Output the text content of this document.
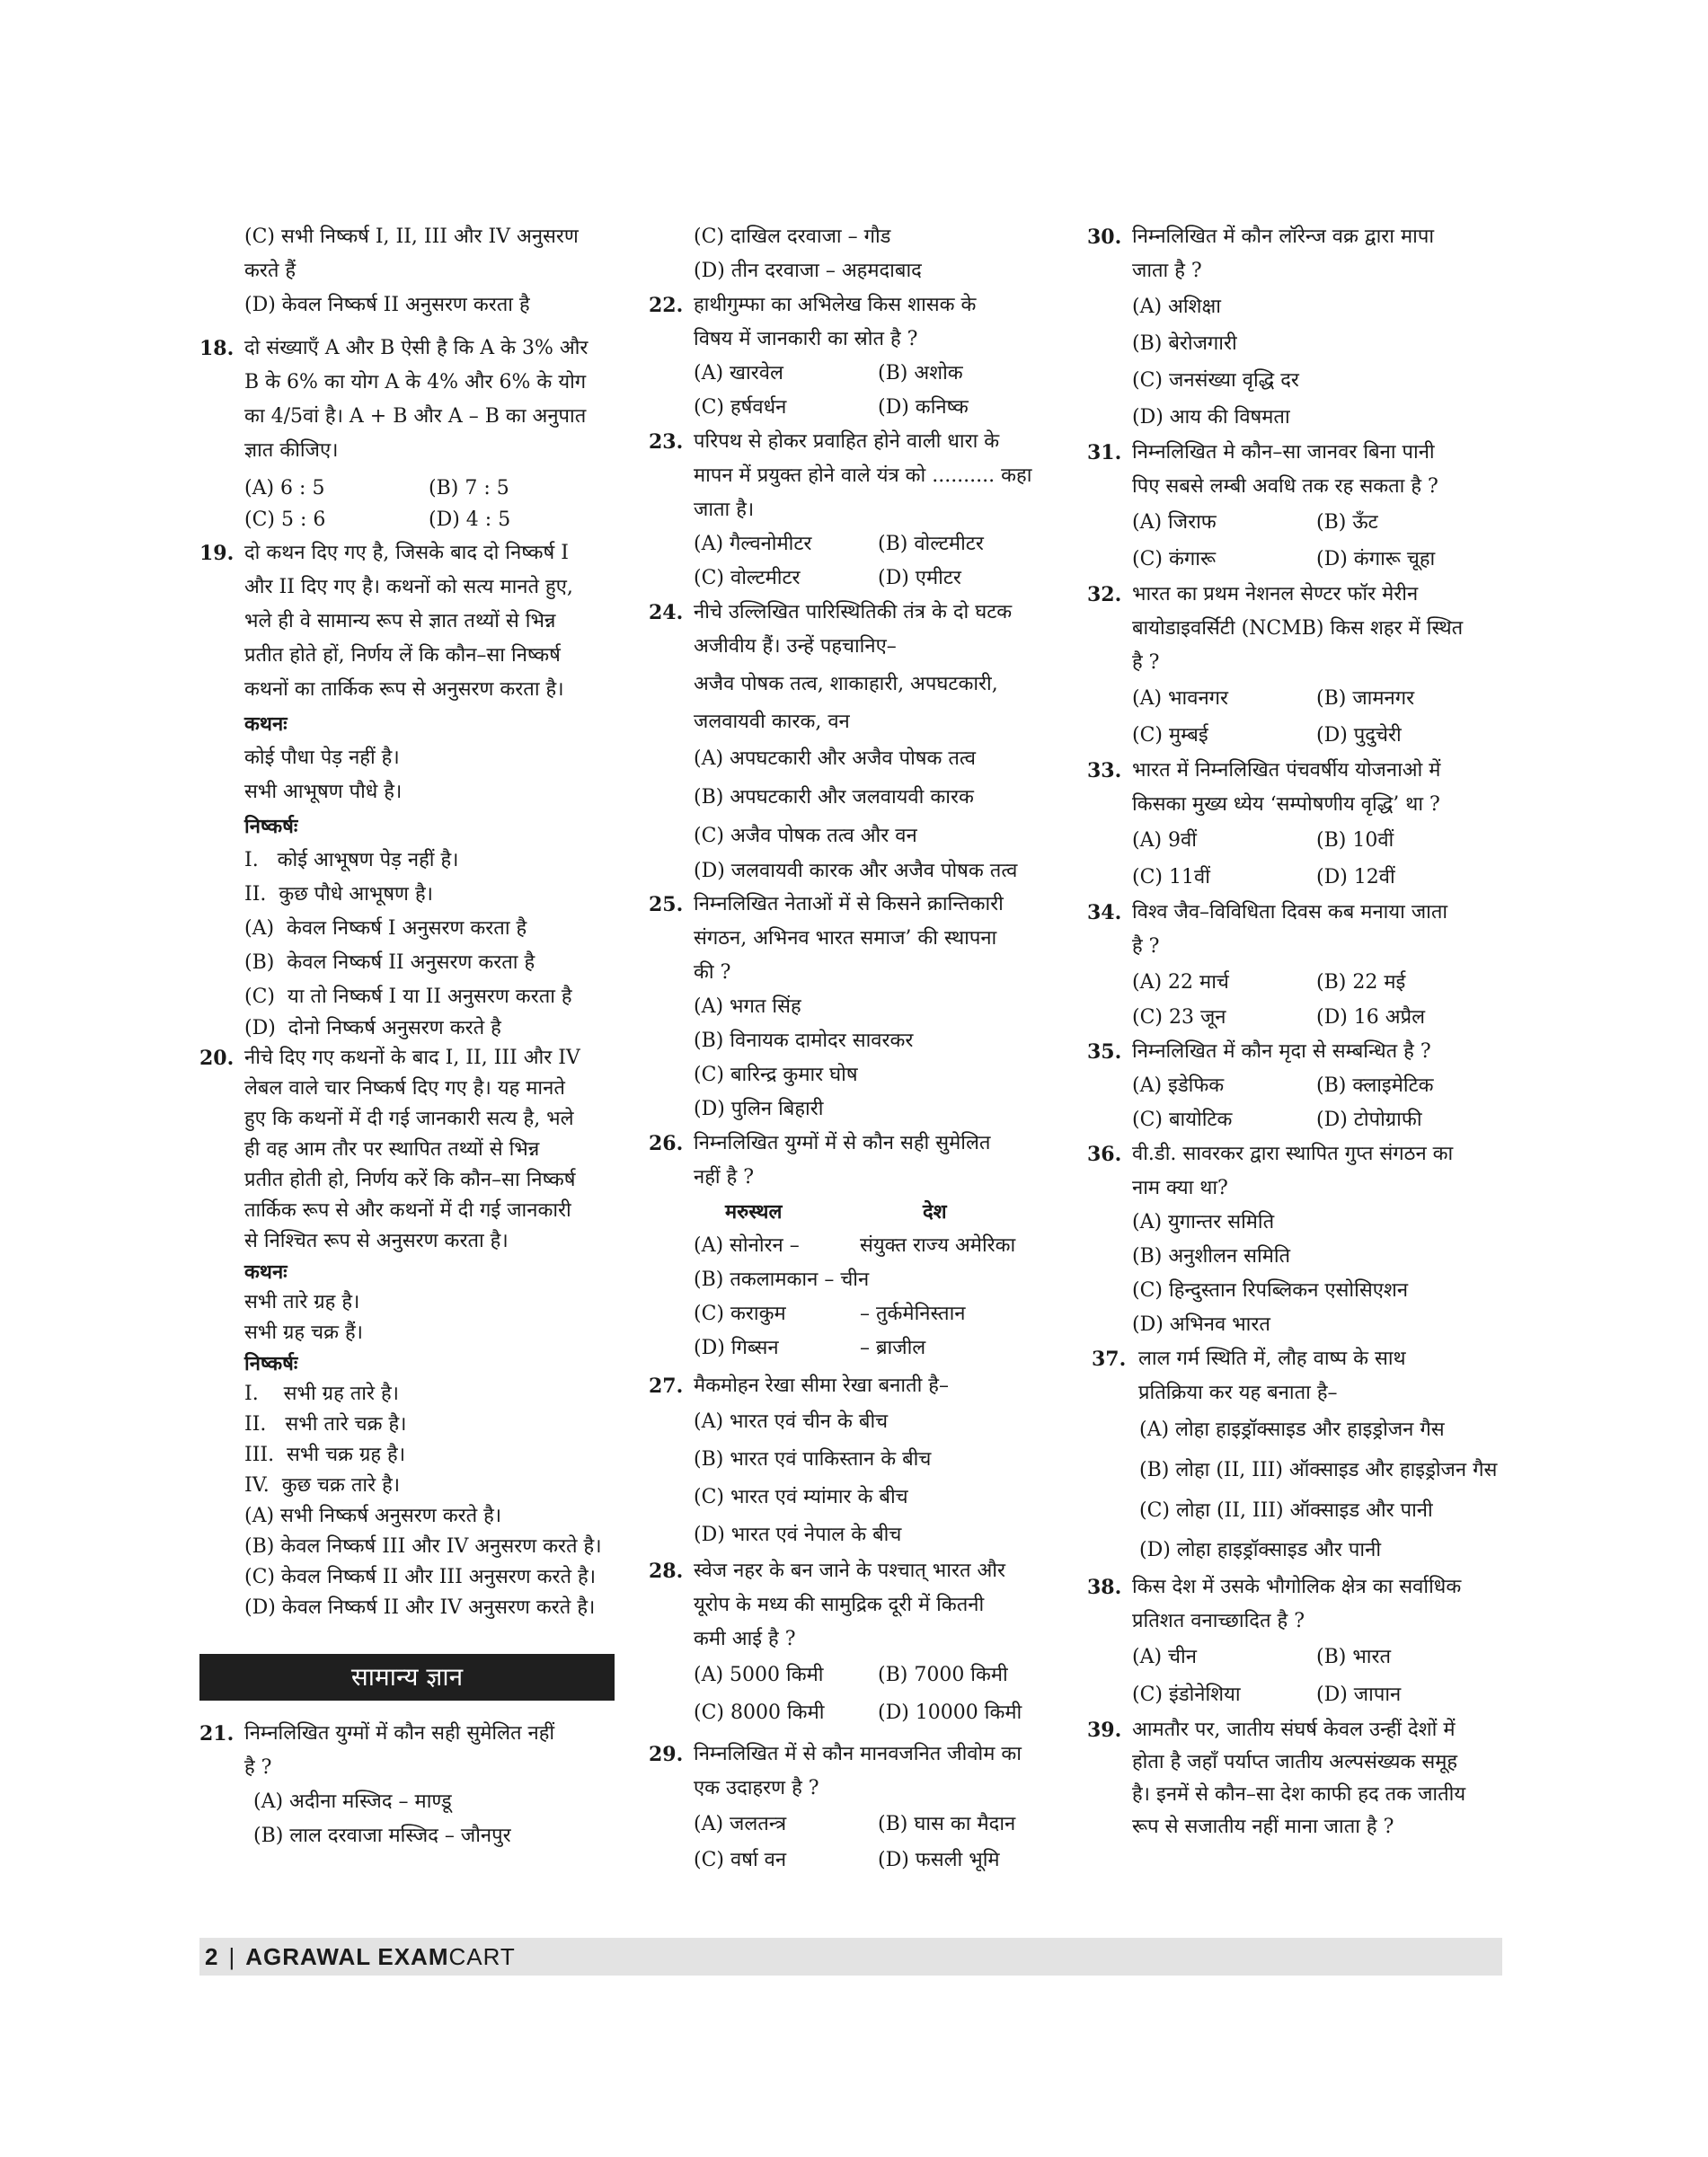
(C) सभी निष्कर्ष I, II, III और IV अनुसरण करते हैं
(D) केवल निष्कर्ष II अनुसरण करता है
18. दो संख्याएँ A और B ऐसी है कि A के 3% और
B के 6% का योग A के 4% और 6% के योग
का 4/5वां है। A + B और A – B का अनुपात
ज्ञात कीजिए।
(A) 6 : 5	(B) 7 : 5
(C) 5 : 6	(D) 4 : 5
19. दो कथन दिए गए है, जिसके बाद दो निष्कर्ष I
और II दिए गए है। कथनों को सत्य मानते हुए,
भले ही वे सामान्य रूप से ज्ञात तथ्यों से भिन्न
प्रतीत होते हों, निर्णय लें कि कौन–सा निष्कर्ष
कथनों का तार्किक रूप से अनुसरण करता है।
कथनः
कोई पौधा पेड़ नहीं है।
सभी आभूषण पौधे है।
निष्कर्षः
I.   कोई आभूषण पेड़ नहीं है।
II.  कुछ पौधे आभूषण है।
(A)  केवल निष्कर्ष I अनुसरण करता है
(B)  केवल निष्कर्ष II अनुसरण करता है
(C)  या तो निष्कर्ष I या II अनुसरण करता है
(D)  दोनो निष्कर्ष अनुसरण करते है
20. नीचे दिए गए कथनों के बाद I, II, III और IV
लेबल वाले चार निष्कर्ष दिए गए है। यह मानते
हुए कि कथनों में दी गई जानकारी सत्य है, भले
ही वह आम तौर पर स्थापित तथ्यों से भिन्न
प्रतीत होती हो, निर्णय करें कि कौन–सा निष्कर्ष
तार्किक रूप से और कथनों में दी गई जानकारी
से निश्चित रूप से अनुसरण करता है।
कथनः
सभी तारे ग्रह है।
सभी ग्रह चक्र हैं।
निष्कर्षः
I.    सभी ग्रह तारे है।
II.   सभी तारे चक्र है।
III.  सभी चक्र ग्रह है।
IV.  कुछ चक्र तारे है।
(A) सभी निष्कर्ष अनुसरण करते है।
(B) केवल निष्कर्ष III और IV अनुसरण करते है।
(C) केवल निष्कर्ष II और III अनुसरण करते है।
(D) केवल निष्कर्ष II और IV अनुसरण करते है।
सामान्य ज्ञान
21. निम्नलिखित युग्मों में कौन सही सुमेलित नहीं
है ?
(A) अदीना मस्जिद – माण्डू
(B) लाल दरवाजा मस्जिद – जौनपुर
(C) दाखिल दरवाजा – गौड
(D) तीन दरवाजा – अहमदाबाद
22. हाथीगुम्फा का अभिलेख किस शासक के
विषय में जानकारी का स्रोत है ?
(A) खारवेल	(B) अशोक
(C) हर्षवर्धन	(D) कनिष्क
23. परिपथ से होकर प्रवाहित होने वाली धारा के
मापन में प्रयुक्त होने वाले यंत्र को .......... कहा
जाता है।
(A) गैल्वनोमीटर	(B) वोल्टमीटर
(C) वोल्टमीटर	(D) एमीटर
24. नीचे उल्लिखित पारिस्थितिकी तंत्र के दो घटक
अजीवीय हैं। उन्हें पहचानिए–
अजैव पोषक तत्व, शाकाहारी, अपघटकारी,
जलवायवी कारक, वन
(A) अपघटकारी और अजैव पोषक तत्व
(B) अपघटकारी और जलवायवी कारक
(C) अजैव पोषक तत्व और वन
(D) जलवायवी कारक और अजैव पोषक तत्व
25. निम्नलिखित नेताओं में से किसने क्रान्तिकारी
संगठन, अभिनव भारत समाज’ की स्थापना
की ?
(A) भगत सिंह
(B) विनायक दामोदर सावरकर
(C) बारिन्द्र कुमार घोष
(D) पुलिन बिहारी
26. निम्नलिखित युग्मों में से कौन सही सुमेलित
नहीं है ?
मरुस्थल	देश
(A) सोनोरन –	संयुक्त राज्य अमेरिका
(B) तकलामकान – चीन
(C) कराकुम	– तुर्कमेनिस्तान
(D) गिब्सन	– ब्राजील
27. मैकमोहन रेखा सीमा रेखा बनाती है–
(A) भारत एवं चीन के बीच
(B) भारत एवं पाकिस्तान के बीच
(C) भारत एवं म्यांमार के बीच
(D) भारत एवं नेपाल के बीच
28. स्वेज नहर के बन जाने के पश्चात् भारत और
यूरोप के मध्य की सामुद्रिक दूरी में कितनी
कमी आई है ?
(A) 5000 किमी	(B) 7000 किमी
(C) 8000 किमी	(D) 10000 किमी
29. निम्नलिखित में से कौन मानवजनित जीवोम का
एक उदाहरण है ?
(A) जलतन्त्र	(B) घास का मैदान
(C) वर्षा वन	(D) फसली भूमि
30. निम्नलिखित में कौन लॉरेन्ज वक्र द्वारा मापा
जाता है ?
(A) अशिक्षा
(B) बेरोजगारी
(C) जनसंख्या वृद्धि दर
(D) आय की विषमता
31. निम्नलिखित मे कौन–सा जानवर बिना पानी
पिए सबसे लम्बी अवधि तक रह सकता है ?
(A) जिराफ	(B) ऊँट
(C) कंगारू	(D) कंगारू चूहा
32. भारत का प्रथम नेशनल सेण्टर फॉर मेरीन
बायोडाइवर्सिटी (NCMB) किस शहर में स्थित
है ?
(A) भावनगर	(B) जामनगर
(C) मुम्बई	(D) पुदुचेरी
33. भारत में निम्नलिखित पंचवर्षीय योजनाओ में
किसका मुख्य ध्येय ‘सम्पोषणीय वृद्धि’ था ?
(A) 9वीं	(B) 10वीं
(C) 11वीं	(D) 12वीं
34. विश्व जैव–विविधिता दिवस कब मनाया जाता
है ?
(A) 22 मार्च	(B) 22 मई
(C) 23 जून	(D) 16 अप्रैल
35. निम्नलिखित में कौन मृदा से सम्बन्धित है ?
(A) इडेफिक	(B) क्लाइमेटिक
(C) बायोटिक	(D) टोपोग्राफी
36. वी.डी. सावरकर द्वारा स्थापित गुप्त संगठन का
नाम क्या था?
(A) युगान्तर समिति
(B) अनुशीलन समिति
(C) हिन्दुस्तान रिपब्लिकन एसोसिएशन
(D) अभिनव भारत
37. लाल गर्म स्थिति में, लौह वाष्प के साथ
प्रतिक्रिया कर यह बनाता है–
(A) लोहा हाइड्रॉक्साइड और हाइड्रोजन गैस
(B) लोहा (II, III) ऑक्साइड और हाइड्रोजन गैस
(C) लोहा (II, III) ऑक्साइड और पानी
(D) लोहा हाइड्रॉक्साइड और पानी
38. किस देश में उसके भौगोलिक क्षेत्र का सर्वाधिक
प्रतिशत वनाच्छादित है ?
(A) चीन	(B) भारत
(C) इंडोनेशिया	(D) जापान
39. आमतौर पर, जातीय संघर्ष केवल उन्हीं देशों में
होता है जहाँ पर्याप्त जातीय अल्पसंख्यक समूह
है। इनमें से कौन–सा देश काफी हद तक जातीय
रूप से सजातीय नहीं माना जाता है ?
2 | AGRAWAL EXAMCART
